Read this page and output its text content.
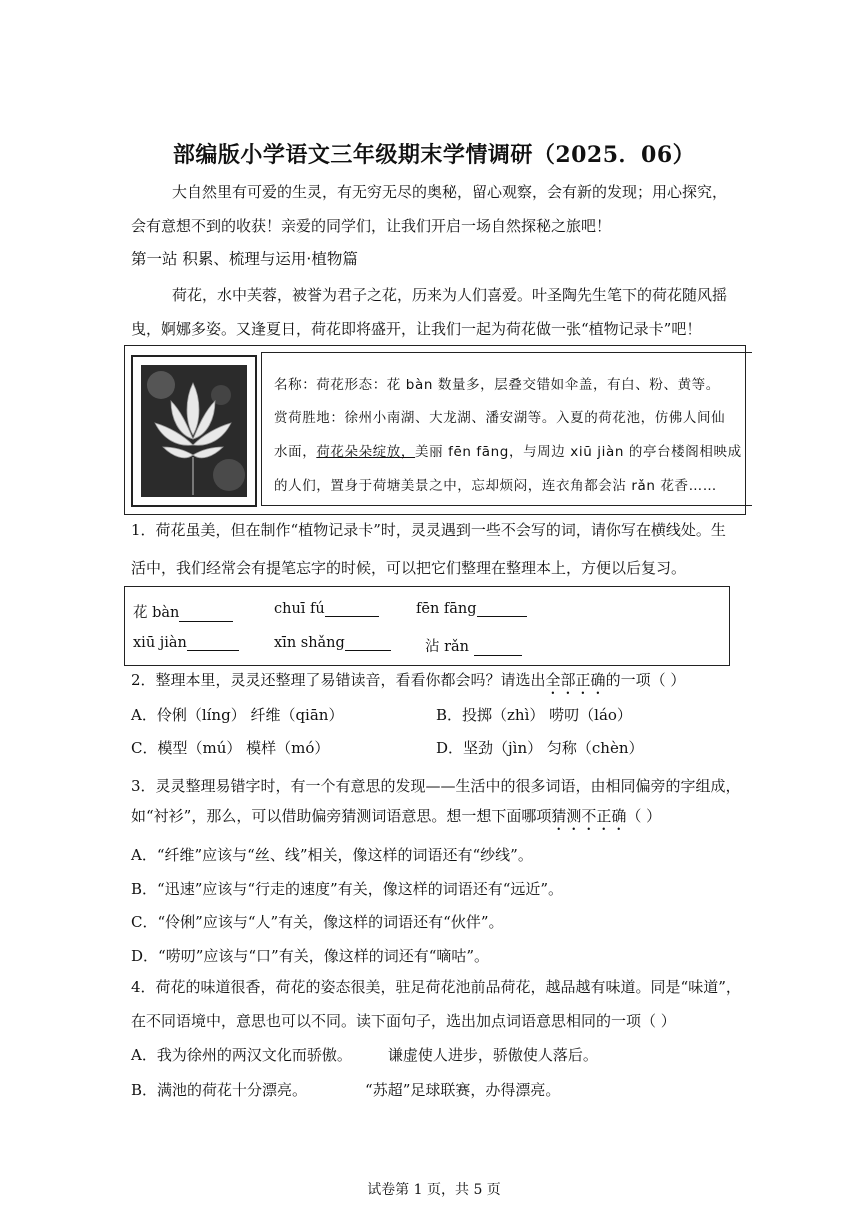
部编版小学语文三年级期末学情调研（2025．06）
大自然里有可爱的生灵，有无穷无尽的奥秘，留心观察，会有新的发现；用心探究，
会有意想不到的收获！亲爱的同学们，让我们开启一场自然探秘之旅吧！
第一站 积累、梳理与运用·植物篇
荷花，水中芙蓉，被誉为君子之花，历来为人们喜爱。叶圣陶先生笔下的荷花随风摇
曳，婀娜多姿。又逢夏日，荷花即将盛开，让我们一起为荷花做一张“植物记录卡”吧！
名称：荷花形态：花 bàn 数量多，层叠交错如伞盖，有白、粉、黄等。
赏荷胜地：徐州小南湖、大龙湖、潘安湖等。入夏的荷花池，仿佛人间仙
水面，荷花朵朵绽放，美丽 fēn fāng，与周边 xiū jiàn 的亭台楼阁相映成
的人们，置身于荷塘美景之中，忘却烦闷，连衣角都会沾 rǎn 花香……
1．荷花虽美，但在制作“植物记录卡”时，灵灵遇到一些不会写的词，请你写在横线处。生
活中，我们经常会有提笔忘字的时候，可以把它们整理在整理本上，方便以后复习。
花 bàn	chuī fú	fēn fāng
xiū jiàn	xīn shǎng	沾 rǎn
2．整理本里，灵灵还整理了易错读音，看看你都会吗？请选出全部正确的一项（ ）
A．伶俐（líng） 纤维（qiān）	B．投掷（zhì） 唠叨（láo）
C．模型（mú） 模样（mó）	D．坚劲（jìn） 匀称（chèn）
3．灵灵整理易错字时，有一个有意思的发现——生活中的很多词语，由相同偏旁的字组成，
如“衬衫”，那么，可以借助偏旁猜测词语意思。想一想下面哪项猜测不正确（ ）
A．“纤维”应该与“丝、线”相关，像这样的词语还有“纱线”。
B．“迅速”应该与“行走的速度”有关，像这样的词语还有“远近”。
C．“伶俐”应该与“人”有关，像这样的词语还有“伙伴”。
D．“唠叨”应该与“口”有关，像这样的词还有“嘀咕”。
4．荷花的味道很香，荷花的姿态很美，驻足荷花池前品荷花，越品越有味道。同是“味道”，
在不同语境中，意思也可以不同。读下面句子，选出加点词语意思相同的一项（ ）
A．我为徐州的两汉文化而骄傲。 谦虚使人进步，骄傲使人落后。
B．满池的荷花十分漂亮。	“苏超”足球联赛，办得漂亮。
试卷第 1 页，共 5 页
